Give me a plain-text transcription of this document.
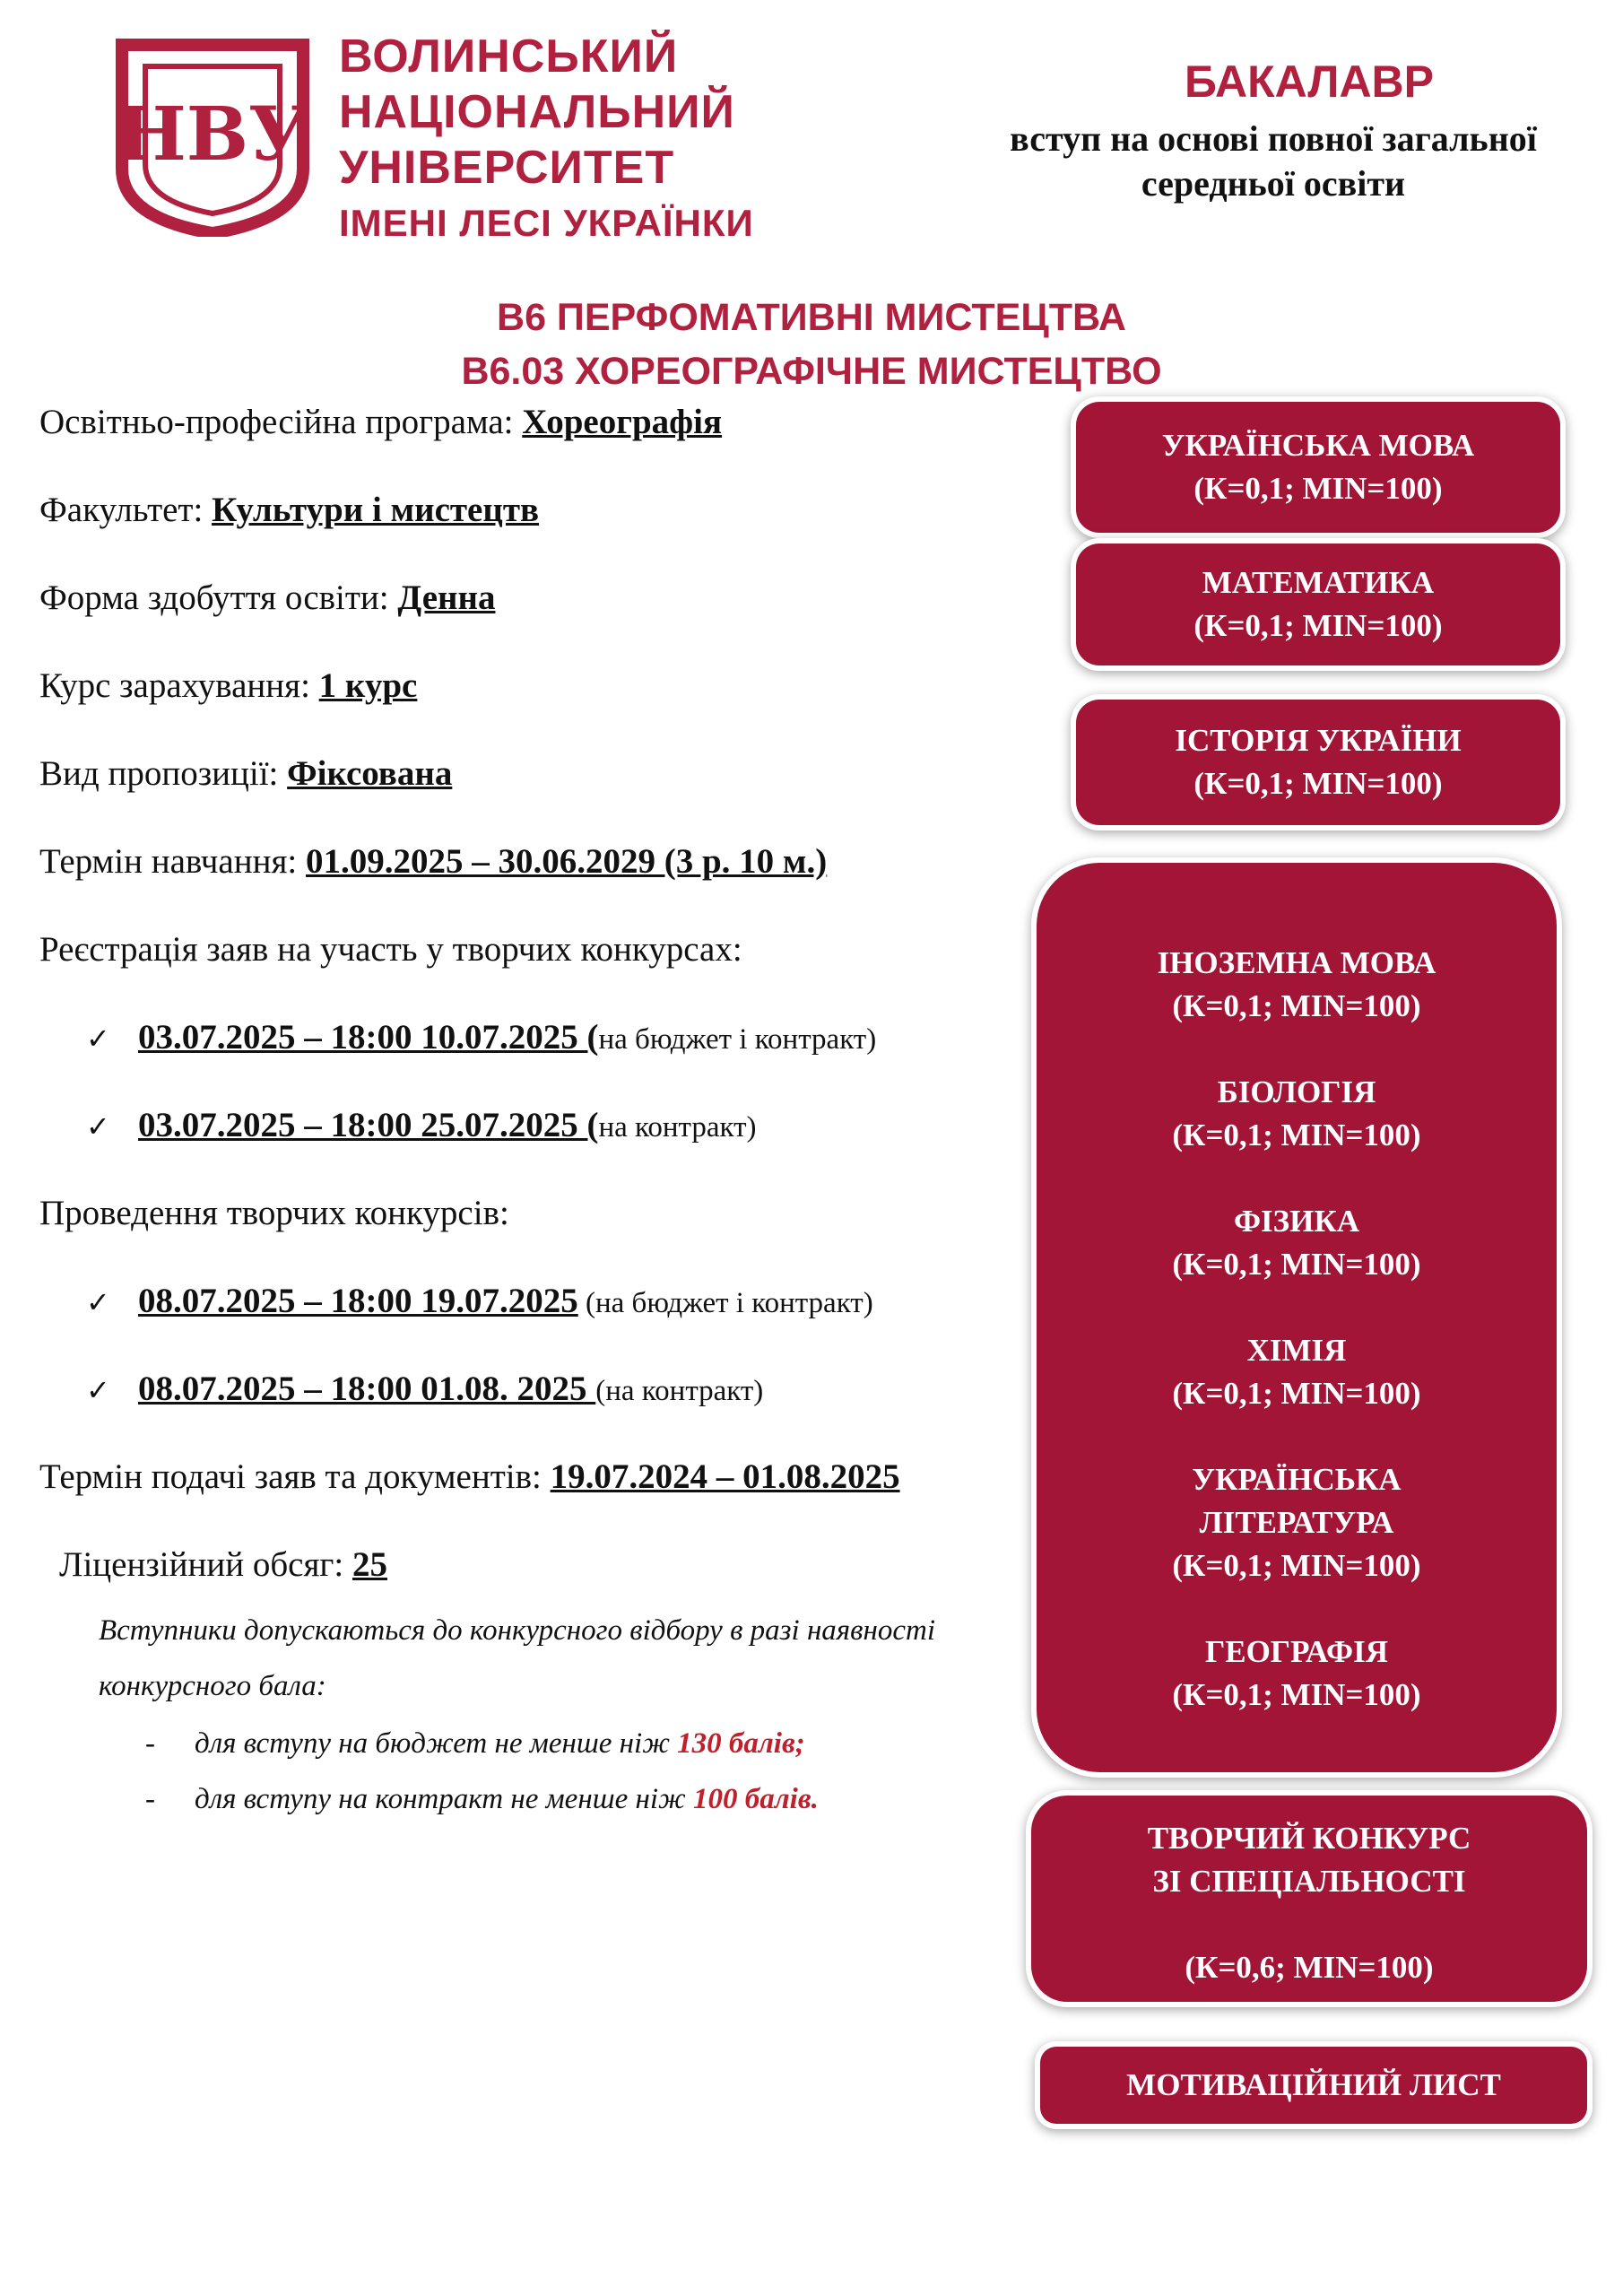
НВУ
ВОЛИНСЬКИЙ
НАЦІОНАЛЬНИЙ
УНІВЕРСИТЕТ
ІМЕНІ ЛЕСІ УКРАЇНКИ
БАКАЛАВР
вступ на основі повної загальної
середньої освіти
В6 ПЕРФОМАТИВНІ МИСТЕЦТВА
В6.03 ХОРЕОГРАФІЧНЕ МИСТЕЦТВО
Освітньо-професійна програма: Хореографія
Факультет: Культури і мистецтв
Форма здобуття освіти: Денна
Курс зарахування: 1 курс
Вид пропозиції: Фіксована
Термін навчання: 01.09.2025 – 30.06.2029 (3 р. 10 м.)
Реєстрація заяв на участь у творчих конкурсах:
✓ 03.07.2025 – 18:00 10.07.2025 (на бюджет і контракт)
✓ 03.07.2025 – 18:00 25.07.2025 (на контракт)
Проведення творчих конкурсів:
✓ 08.07.2025 – 18:00 19.07.2025 (на бюджет і контракт)
✓ 08.07.2025 – 18:00 01.08. 2025 (на контракт)
Термін подачі заяв та документів: 19.07.2024 – 01.08.2025
Ліцензійний обсяг: 25
Вступники допускаються до конкурсного відбору в разі наявності
конкурсного бала:
- для вступу на бюджет не менше ніж 130 балів;
- для вступу на контракт не менше ніж 100 балів.
УКРАЇНСЬКА МОВА
(К=0,1; MIN=100)
МАТЕМАТИКА
(К=0,1; MIN=100)
ІСТОРІЯ УКРАЇНИ
(К=0,1; MIN=100)
ІНОЗЕМНА МОВА
(К=0,1; MIN=100)
БІОЛОГІЯ
(К=0,1; MIN=100)
ФІЗИКА
(К=0,1; MIN=100)
ХІМІЯ
(К=0,1; MIN=100)
УКРАЇНСЬКА
ЛІТЕРАТУРА
(К=0,1; MIN=100)
ГЕОГРАФІЯ
(К=0,1; MIN=100)
ТВОРЧИЙ КОНКУРС
ЗІ СПЕЦІАЛЬНОСТІ
(К=0,6; MIN=100)
МОТИВАЦІЙНИЙ ЛИСТ
